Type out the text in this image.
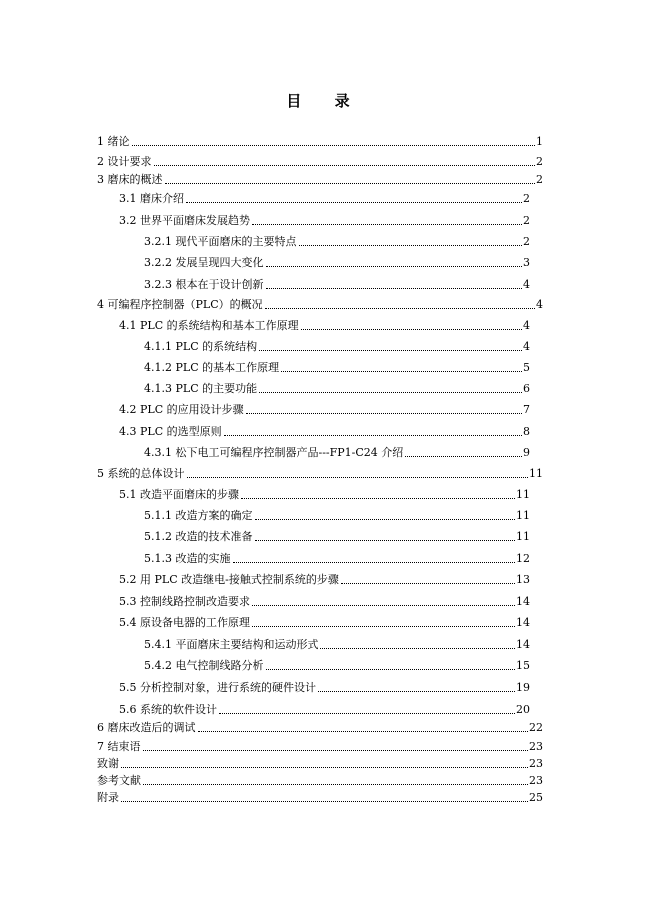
目 录
1 绪论	1
2 设计要求	2
3 磨床的概述	2
3.1 磨床介绍	2
3.2 世界平面磨床发展趋势	2
3.2.1 现代平面磨床的主要特点	2
3.2.2 发展呈现四大变化	3
3.2.3 根本在于设计创新	4
4 可编程序控制器（PLC）的概况	4
4.1 PLC 的系统结构和基本工作原理	4
4.1.1 PLC 的系统结构	4
4.1.2 PLC 的基本工作原理	5
4.1.3 PLC 的主要功能	6
4.2 PLC 的应用设计步骤	7
4.3 PLC 的选型原则	8
4.3.1 松下电工可编程序控制器产品---FP1-C24 介绍	9
5 系统的总体设计	11
5.1 改造平面磨床的步骤	11
5.1.1 改造方案的确定	11
5.1.2 改造的技术准备	11
5.1.3 改造的实施	12
5.2 用 PLC 改造继电-接触式控制系统的步骤	13
5.3 控制线路控制改造要求	14
5.4 原设备电器的工作原理	14
5.4.1 平面磨床主要结构和运动形式	14
5.4.2 电气控制线路分析	15
5.5 分析控制对象，进行系统的硬件设计	19
5.6 系统的软件设计	20
6 磨床改造后的调试	22
7 结束语	23
致谢	23
参考文献	23
附录	25
